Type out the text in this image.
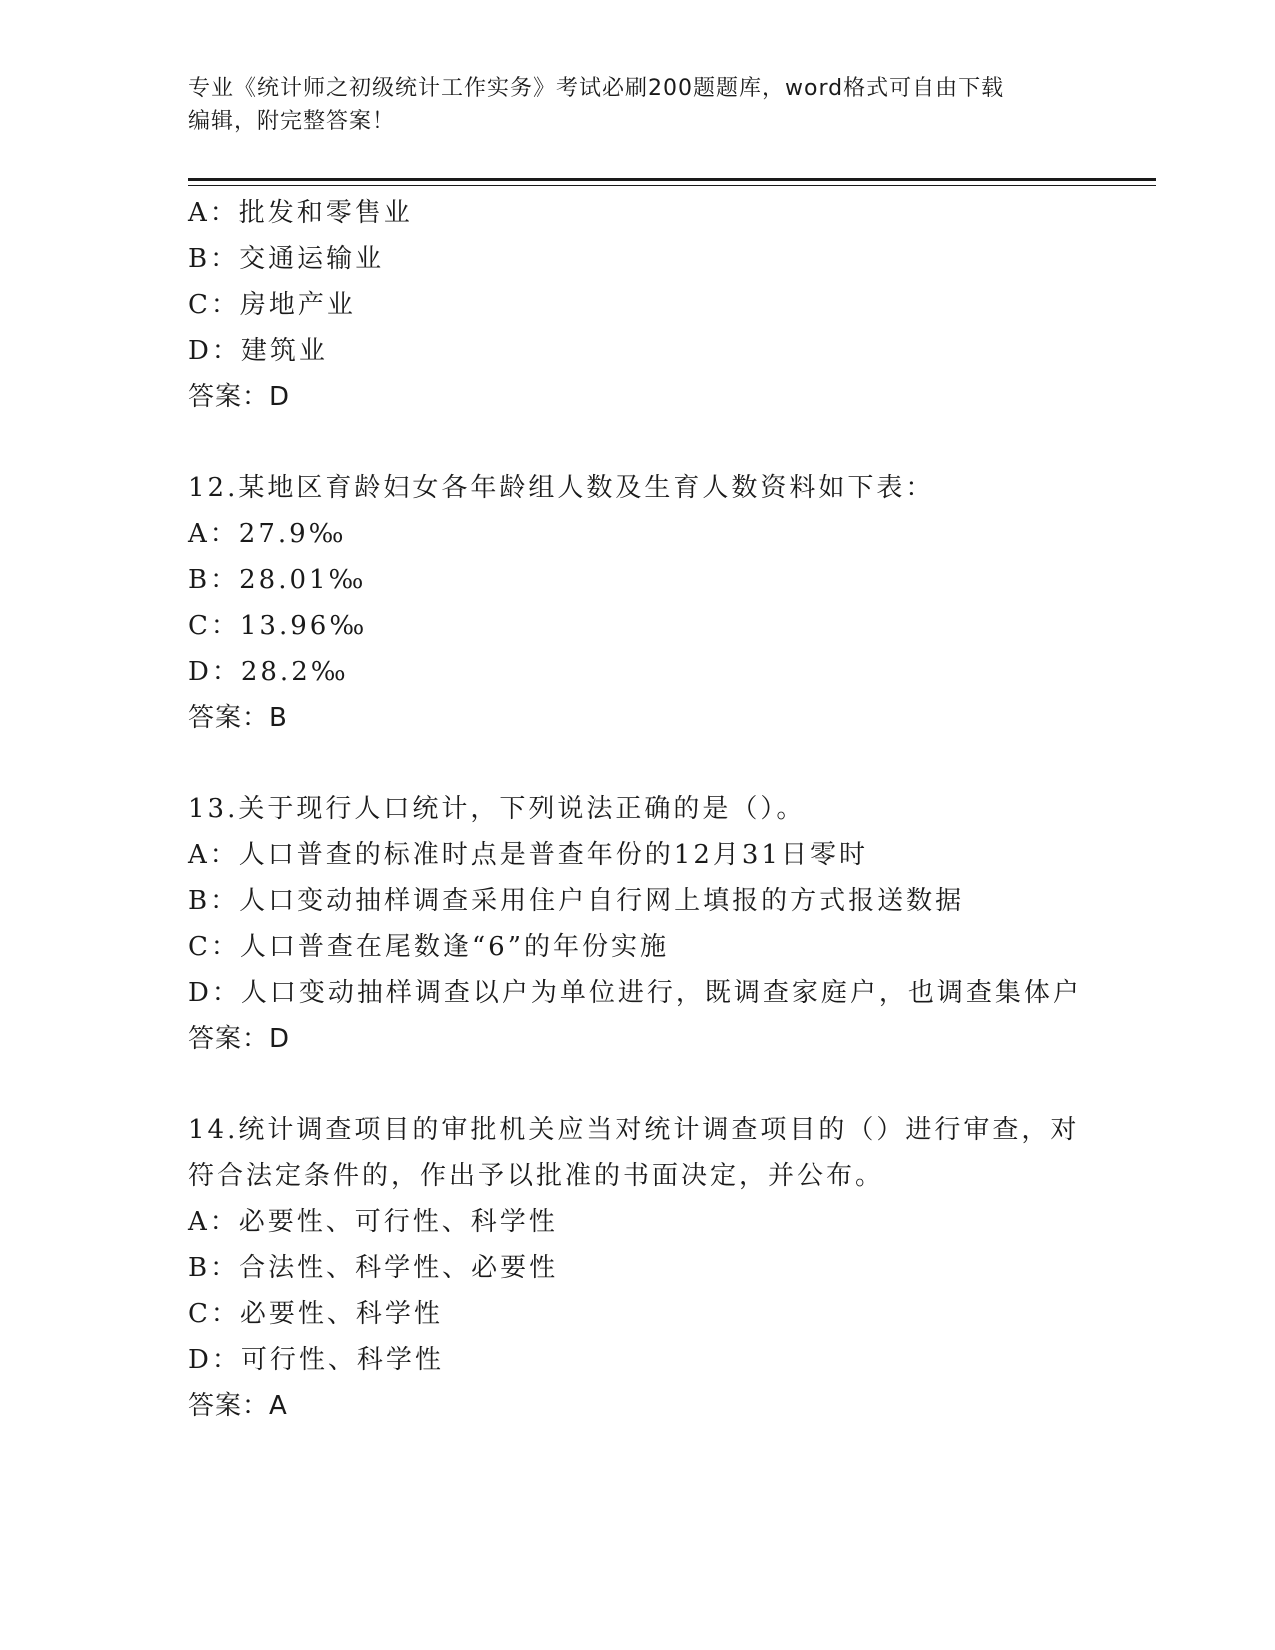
专业《统计师之初级统计工作实务》考试必刷200题题库，word格式可自由下载
编辑，附完整答案！
A：批发和零售业
B：交通运输业
C：房地产业
D：建筑业
答案：D
12.某地区育龄妇女各年龄组人数及生育人数资料如下表：
A：27.9‰
B：28.01‰
C：13.96‰
D：28.2‰
答案：B
13.关于现行人口统计，下列说法正确的是（）。
A：人口普查的标准时点是普查年份的12月31日零时
B：人口变动抽样调查采用住户自行网上填报的方式报送数据
C：人口普查在尾数逢“6”的年份实施
D：人口变动抽样调查以户为单位进行，既调查家庭户，也调查集体户
答案：D
14.统计调查项目的审批机关应当对统计调查项目的（）进行审查，对
符合法定条件的，作出予以批准的书面决定，并公布。
A：必要性、可行性、科学性
B：合法性、科学性、必要性
C：必要性、科学性
D：可行性、科学性
答案：A
